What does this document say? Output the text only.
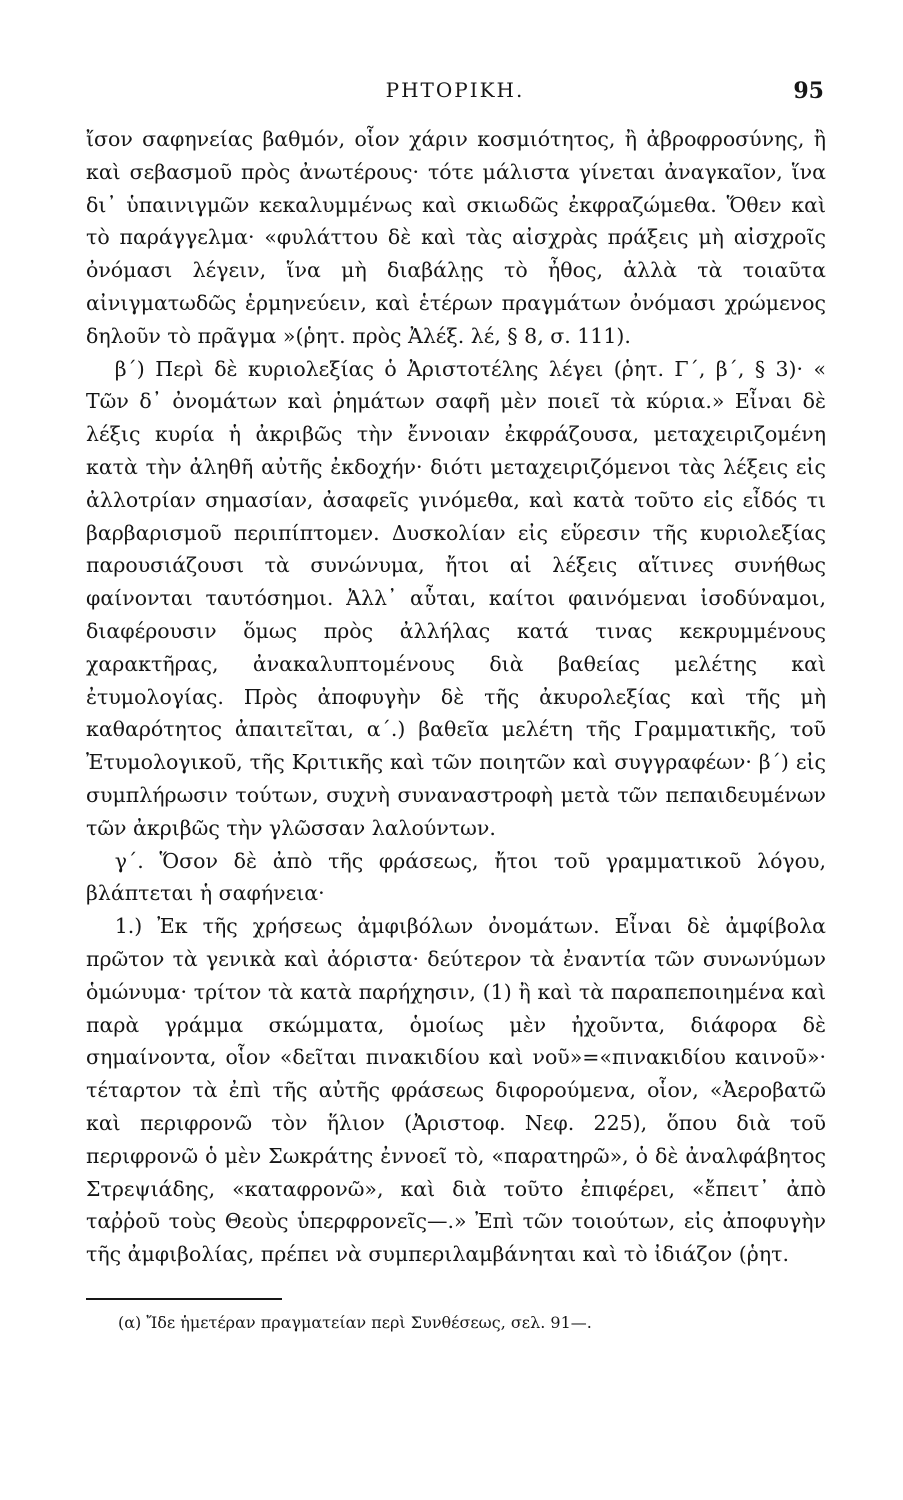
ΡΗΤΟΡΙΚΗ.	95

ἴσον σαφηνείας βαθμόν, οἷον χάριν κοσμιότητος, ἢ ἀβροφροσύνης, ἢ καὶ σεβασμοῦ πρὸς ἀνωτέρους· τότε μάλιστα γίνεται ἀναγκαῖον, ἵνα δι᾽ ὑπαινιγμῶν κεκαλυμμένως καὶ σκιωδῶς ἐκφραζώμεθα. Ὅθεν καὶ τὸ παράγγελμα· «φυλάττου δὲ καὶ τὰς αἰσχρὰς πράξεις μὴ αἰσχροῖς ὀνόμασι λέγειν, ἵνα μὴ διαβάλῃς τὸ ἦθος, ἀλλὰ τὰ τοιαῦτα αἰνιγματωδῶς ἑρμηνεύειν, καὶ ἑτέρων πραγμάτων ὀνόμασι χρώμενος δηλοῦν τὸ πρᾶγμα »(ῥητ. πρὸς Ἀλέξ. λέ, § 8, σ. 111).

β´) Περὶ δὲ κυριολεξίας ὁ Ἀριστοτέλης λέγει (ῥητ. Γ´, β´, § 3)· « Τῶν δ᾽ ὀνομάτων καὶ ῥημάτων σαφῆ μὲν ποιεῖ τὰ κύρια.» Εἶναι δὲ λέξις κυρία ἡ ἀκριβῶς τὴν ἔννοιαν ἐκφράζουσα, μεταχειριζομένη κατὰ τὴν ἀληθῆ αὐτῆς ἐκδοχήν· διότι μεταχειριζόμενοι τὰς λέξεις εἰς ἀλλοτρίαν σημασίαν, ἀσαφεῖς γινόμεθα, καὶ κατὰ τοῦτο εἰς εἶδός τι βαρβαρισμοῦ περιπίπτομεν. Δυσκολίαν εἰς εὕρεσιν τῆς κυριολεξίας παρουσιάζουσι τὰ συνώνυμα, ἤτοι αἱ λέξεις αἵτινες συνήθως φαίνονται ταυτόσημοι. Ἀλλ᾽ αὗται, καίτοι φαινόμεναι ἰσοδύναμοι, διαφέρουσιν ὅμως πρὸς ἀλλήλας κατά τινας κεκρυμμένους χαρακτῆρας, ἀνακαλυπτομένους διὰ βαθείας μελέτης καὶ ἐτυμολογίας. Πρὸς ἀποφυγὴν δὲ τῆς ἀκυρολεξίας καὶ τῆς μὴ καθαρότητος ἀπαιτεῖται, α´.) βαθεῖα μελέτη τῆς Γραμματικῆς, τοῦ Ἐτυμολογικοῦ, τῆς Κριτικῆς καὶ τῶν ποιητῶν καὶ συγγραφέων· β´) εἰς συμπλήρωσιν τούτων, συχνὴ συναναστροφὴ μετὰ τῶν πεπαιδευμένων τῶν ἀκριβῶς τὴν γλῶσσαν λαλούντων.

γ´. Ὅσον δὲ ἀπὸ τῆς φράσεως, ἤτοι τοῦ γραμματικοῦ λόγου, βλάπτεται ἡ σαφήνεια·

1.) Ἐκ τῆς χρήσεως ἀμφιβόλων ὀνομάτων. Εἶναι δὲ ἀμφίβολα πρῶτον τὰ γενικὰ καὶ ἀόριστα· δεύτερον τὰ ἐναντία τῶν συνωνύμων ὁμώνυμα· τρίτον τὰ κατὰ παρήχησιν, (1) ἢ καὶ τὰ παραπεποιημένα καὶ παρὰ γράμμα σκώμματα, ὁμοίως μὲν ἠχοῦντα, διάφορα δὲ σημαίνοντα, οἷον «δεῖται πινακιδίου καὶ νοῦ»=«πινακιδίου καινοῦ»· τέταρτον τὰ ἐπὶ τῆς αὐτῆς φράσεως διφορούμενα, οἷον, «Ἀεροβατῶ καὶ περιφρονῶ τὸν ἥλιον (Ἀριστοφ. Νεφ. 225), ὅπου διὰ τοῦ περιφρονῶ ὁ μὲν Σωκράτης ἐννοεῖ τὸ, «παρατηρῶ», ὁ δὲ ἀναλφάβητος Στρεψιάδης, «καταφρονῶ», καὶ διὰ τοῦτο ἐπιφέρει, «ἔπειτ᾽ ἀπὸ ταῤῥοῦ τοὺς Θεοὺς ὑπερφρονεῖς—.» Ἐπὶ τῶν τοιούτων, εἰς ἀποφυγὴν τῆς ἀμφιβολίας, πρέπει νὰ συμπεριλαμβάνηται καὶ τὸ ἰδιάζον (ῥητ.

(α) Ἴδε ἡμετέραν πραγματείαν περὶ Συνθέσεως, σελ. 91—.
